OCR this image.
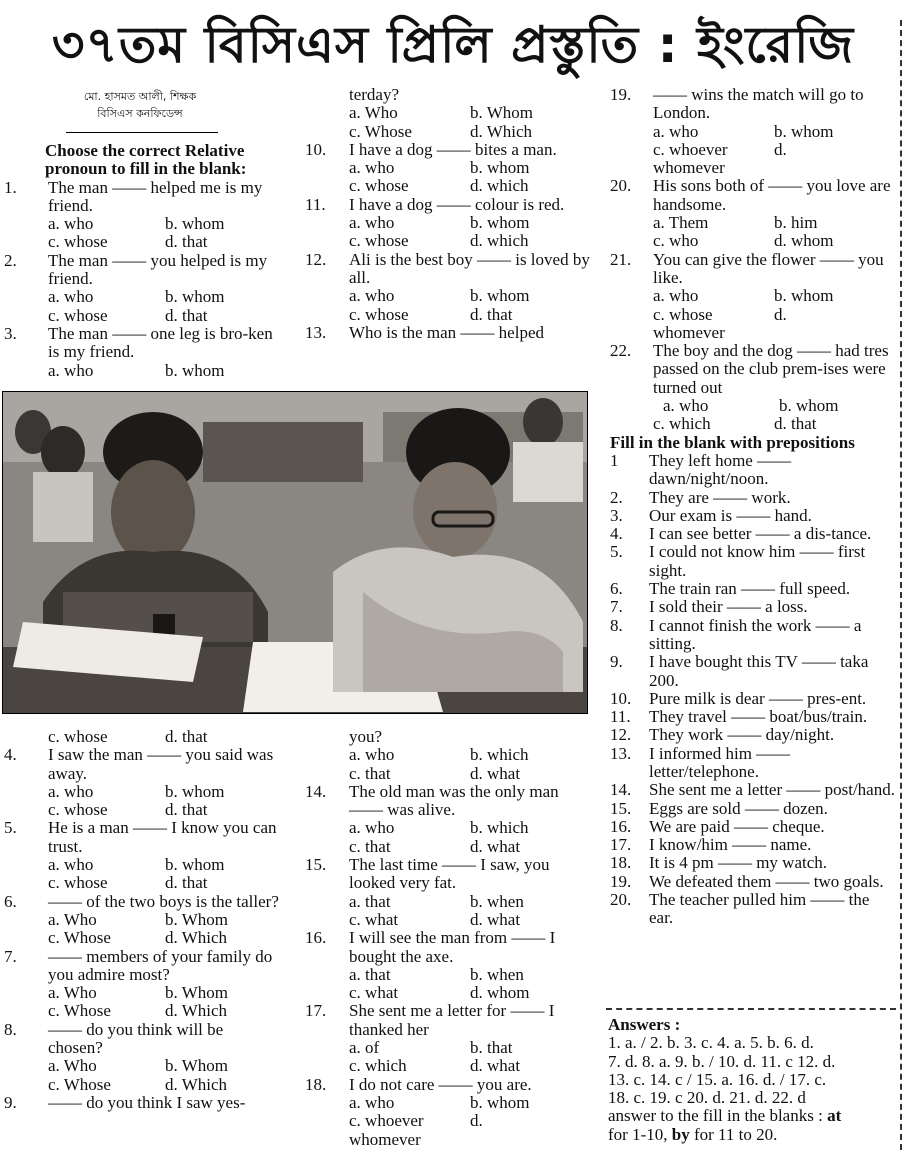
৩৭তম বিসিএস প্রিলি প্রস্তুতি : ইংরেজি
মো. হাসমত আলী, শিক্ষক
বিসিএস কনফিডেন্স
Choose the correct Relative pronoun to fill in the blank:
1.	The man —— helped me is my friend.
a. who	b. whom
c. whose	d. that
2.	The man —— you helped is my friend.
a. who	b. whom
c. whose	d. that
3.	The man —— one leg is bro-ken is my friend.
a. who	b. whom
terday?
a. Who	b. Whom
c. Whose	d. Which
10.	I have a dog —— bites a man.
a. who	b. whom
c. whose	d. which
11.	I have a dog —— colour is red.
a. who	b. whom
c. whose	d. which
12.	Ali is the best boy —— is loved by all.
a. who	b. whom
c. whose	d. that
13.	Who is the man —— helped
19.	—— wins the match will go to London.
a. who	b. whom
c. whoever	d.
whomever
20.	His sons both of —— you love are handsome.
a. Them	b. him
c. who	d. whom
21.	You can give the flower —— you like.
a. who	b. whom
c. whose	d.
whomever
22.	The boy and the dog —— had tres passed on the club prem-ises were turned out
a. who	b. whom
c. which	d. that
Fill in the blank with prepositions
1	They left home —— dawn/night/noon.
2.	They are —— work.
3.	Our exam is —— hand.
4.	I can see better —— a dis-tance.
5.	I could not know him —— first sight.
6.	The train ran —— full speed.
7.	I sold their —— a loss.
8.	I cannot finish the work —— a sitting.
9.	I have bought this TV —— taka 200.
10.	Pure milk is dear —— pres-ent.
11.	They travel —— boat/bus/train.
12.	They work —— day/night.
13.	I informed him —— letter/telephone.
14.	She sent me a letter —— post/hand.
15.	Eggs are sold —— dozen.
16.	We are paid —— cheque.
17.	I know/him —— name.
18.	It is 4 pm —— my watch.
19.	We defeated them —— two goals.
20.	The teacher pulled him —— the ear.
c. whose	d. that
4.	I saw the man —— you said was away.
a. who	b. whom
c. whose	d. that
5.	He is a man —— I know you can trust.
a. who	b. whom
c. whose	d. that
6.	—— of the two boys is the taller?
a. Who	b. Whom
c. Whose	d. Which
7.	—— members of your family do you admire most?
a. Who	b. Whom
c. Whose	d. Which
8.	—— do you think will be chosen?
a. Who	b. Whom
c. Whose	d. Which
9.	—— do you think I saw yes-
you?
a. who	b. which
c. that	d. what
14.	The old man was the only man —— was alive.
a. who	b. which
c. that	d. what
15.	The last time —— I saw, you looked very fat.
a. that	b. when
c. what	d. what
16.	I will see the man from —— I bought the axe.
a. that	b. when
c. what	d. whom
17.	She sent me a letter for —— I thanked her
a. of	b. that
c. which	d. what
18.	I do not care —— you are.
a. who	b. whom
c. whoever	d.
whomever
Answers :
1. a. / 2. b. 3. c. 4. a. 5. b. 6. d.
7. d. 8. a. 9. b. / 10. d. 11. c 12. d.
13. c. 14. c / 15. a. 16. d. / 17. c.
18. c. 19. c 20. d. 21. d. 22. d
answer to the fill in the blanks : at
for 1-10, by for 11 to 20.
